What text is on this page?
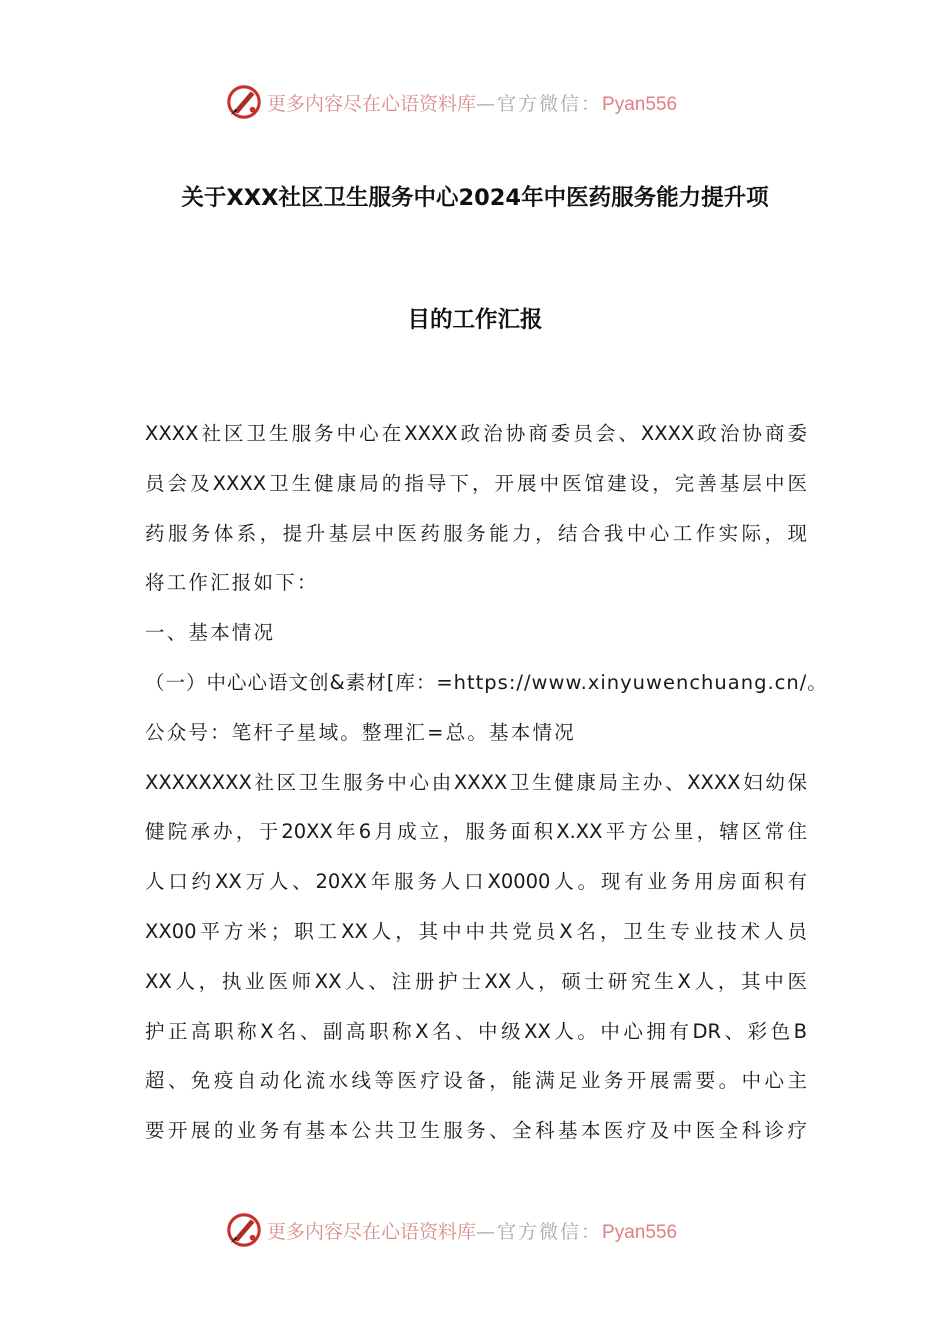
更多内容尽在心语资料库—官方微信：Pyan556
关于XXX社区卫生服务中心2024年中医药服务能力提升项
目的工作汇报
XXXX社区卫生服务中心在XXXX政治协商委员会、XXXX政治协商委
员会及XXXX卫生健康局的指导下，开展中医馆建设，完善基层中医
药服务体系，提升基层中医药服务能力，结合我中心工作实际，现
将工作汇报如下：
一、基本情况
（一）中心心语文创&素材[库：=https://www.xinyuwenchuang.cn/。
公众号：笔杆子星域。整理汇=总。基本情况
XXXXXXXX社区卫生服务中心由XXXX卫生健康局主办、XXXX妇幼保
健院承办，于20XX年6月成立，服务面积X.XX平方公里，辖区常住
人口约XX万人、20XX年服务人口X0000人。现有业务用房面积有
XX00平方米；职工XX人，其中中共党员X名，卫生专业技术人员
XX人，执业医师XX人、注册护士XX人，硕士研究生X人，其中医
护正高职称X名、副高职称X名、中级XX人。中心拥有DR、彩色B
超、免疫自动化流水线等医疗设备，能满足业务开展需要。中心主
要开展的业务有基本公共卫生服务、全科基本医疗及中医全科诊疗
更多内容尽在心语资料库—官方微信：Pyan556
